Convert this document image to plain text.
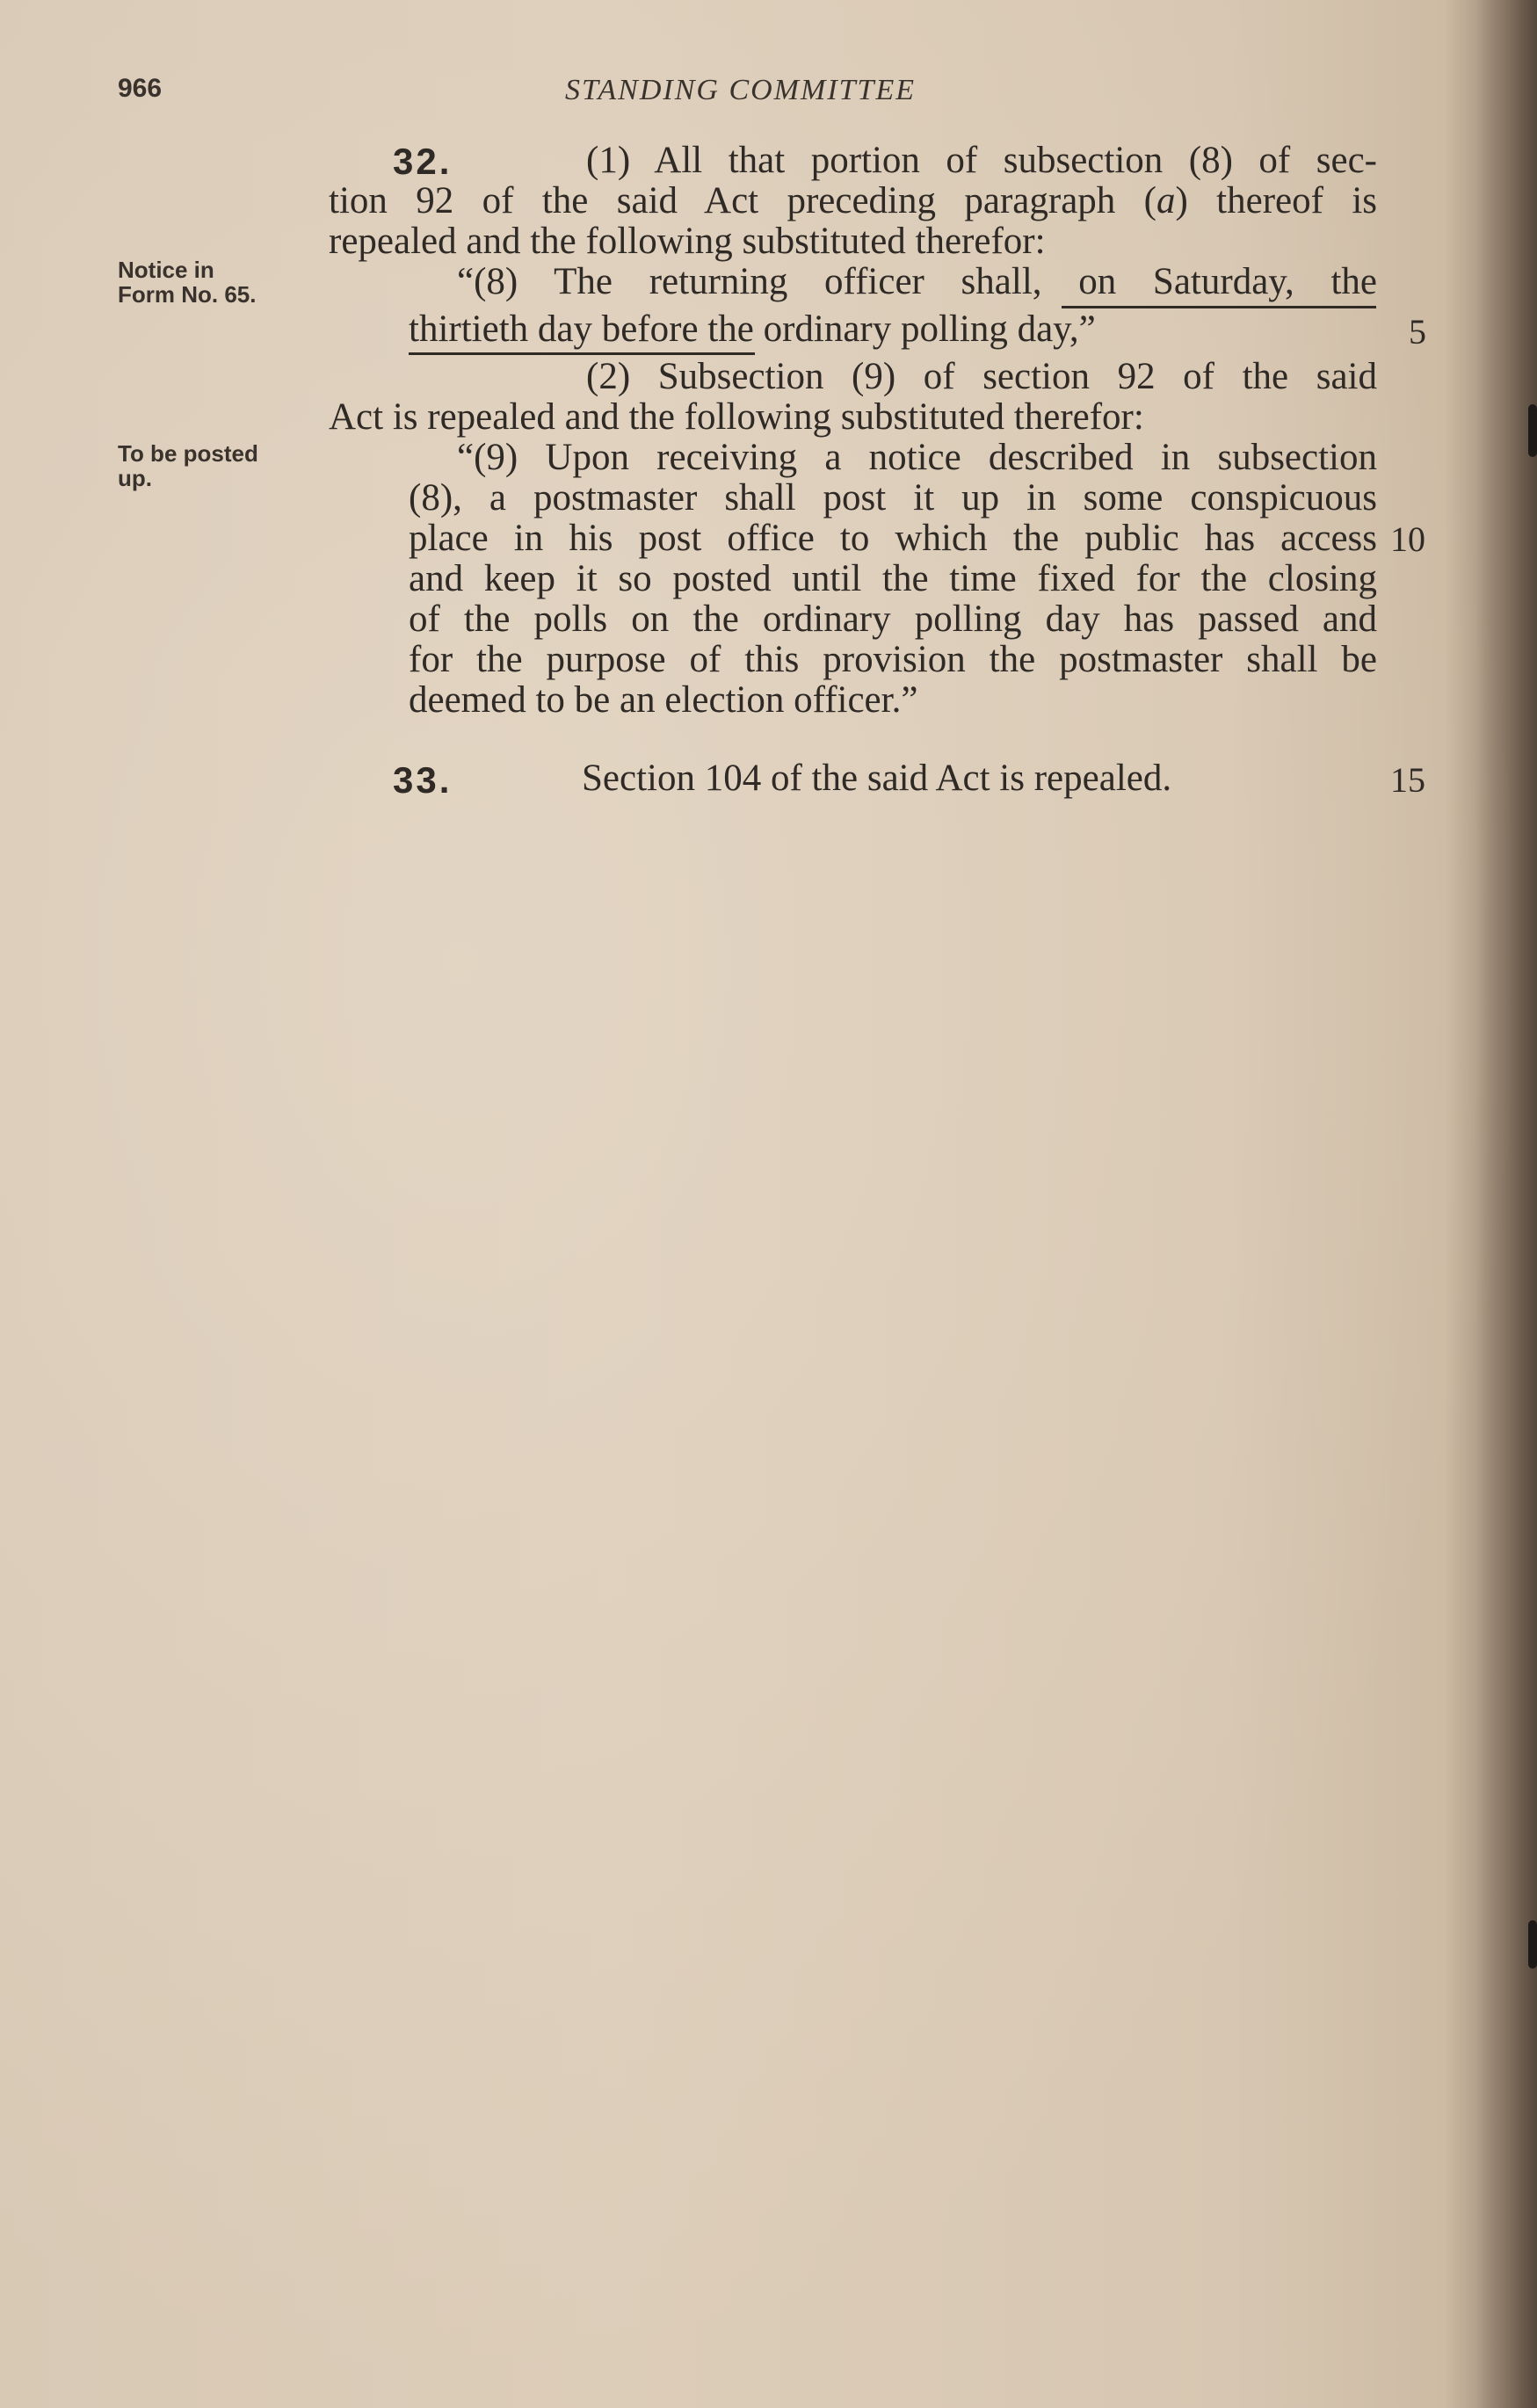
966	STANDING COMMITTEE
Notice in
Form No. 65.
To be posted
up.
32.	(1) All that portion of subsection (8) of sec-
tion 92 of the said Act preceding paragraph (a) thereof is
repealed and the following substituted therefor:
“(8) The returning officer shall, on Saturday, the
thirtieth day before the ordinary polling day,”
(2) Subsection (9) of section 92 of the said
Act is repealed and the following substituted therefor:
“(9) Upon receiving a notice described in subsection
(8), a postmaster shall post it up in some conspicuous
place in his post office to which the public has access
and keep it so posted until the time fixed for the closing
of the polls on the ordinary polling day has passed and
for the purpose of this provision the postmaster shall be
deemed to be an election officer.”
33.	Section 104 of the said Act is repealed.
5
10
15
